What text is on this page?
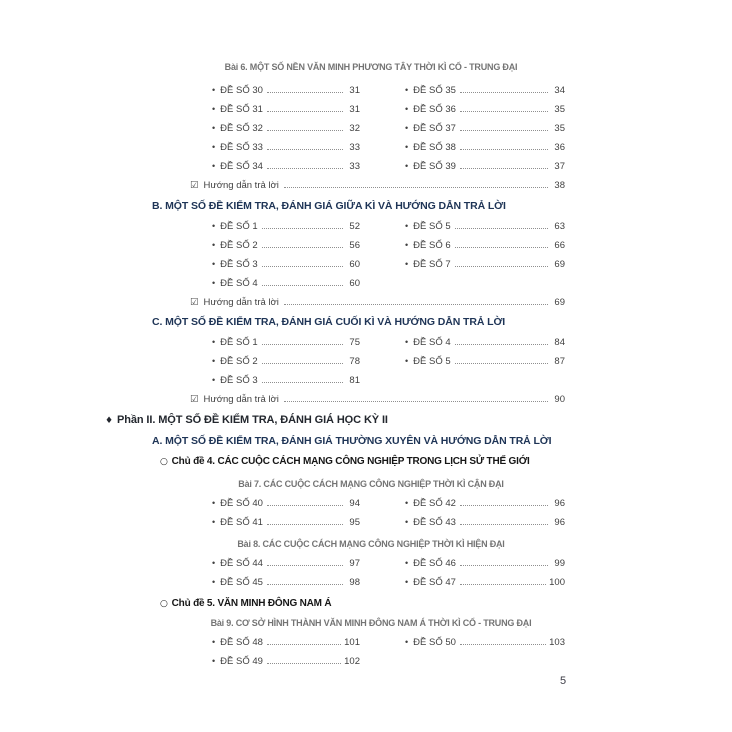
Bài 6. MỘT SỐ NỀN VĂN MINH PHƯƠNG TÂY THỜI KÌ CỔ - TRUNG ĐẠI
• ĐỀ SỐ 30	31
• ĐỀ SỐ 31	31
• ĐỀ SỐ 32	32
• ĐỀ SỐ 33	33
• ĐỀ SỐ 34	33
• ĐỀ SỐ 35	34
• ĐỀ SỐ 36	35
• ĐỀ SỐ 37	35
• ĐỀ SỐ 38	36
• ĐỀ SỐ 39	37
☑ Hướng dẫn trả lời	38
B. MỘT SỐ ĐỀ KIỂM TRA, ĐÁNH GIÁ GIỮA KÌ VÀ HƯỚNG DẪN TRẢ LỜI
• ĐỀ SỐ 1	52
• ĐỀ SỐ 2	56
• ĐỀ SỐ 3	60
• ĐỀ SỐ 4	60
• ĐỀ SỐ 5	63
• ĐỀ SỐ 6	66
• ĐỀ SỐ 7	69
☑ Hướng dẫn trả lời	69
C. MỘT SỐ ĐỀ KIỂM TRA, ĐÁNH GIÁ CUỐI KÌ VÀ HƯỚNG DẪN TRẢ LỜI
• ĐỀ SỐ 1	75
• ĐỀ SỐ 2	78
• ĐỀ SỐ 3	81
• ĐỀ SỐ 4	84
• ĐỀ SỐ 5	87
☑ Hướng dẫn trả lời	90
♦ Phần II. MỘT SỐ ĐỀ KIỂM TRA, ĐÁNH GIÁ HỌC KỲ II
A. MỘT SỐ ĐỀ KIỂM TRA, ĐÁNH GIÁ THƯỜNG XUYÊN VÀ HƯỚNG DẪN TRẢ LỜI
○ Chủ đề 4. CÁC CUỘC CÁCH MẠNG CÔNG NGHIỆP TRONG LỊCH SỬ THẾ GIỚI
Bài 7. CÁC CUỘC CÁCH MẠNG CÔNG NGHIỆP THỜI KÌ CẬN ĐẠI
• ĐỀ SỐ 40	94
• ĐỀ SỐ 41	95
• ĐỀ SỐ 42	96
• ĐỀ SỐ 43	96
Bài 8. CÁC CUỘC CÁCH MẠNG CÔNG NGHIỆP THỜI KÌ HIỆN ĐẠI
• ĐỀ SỐ 44	97
• ĐỀ SỐ 45	98
• ĐỀ SỐ 46	99
• ĐỀ SỐ 47	100
○ Chủ đề 5. VĂN MINH ĐÔNG NAM Á
Bài 9. CƠ SỞ HÌNH THÀNH VĂN MINH ĐÔNG NAM Á THỜI KÌ CỔ - TRUNG ĐẠI
• ĐỀ SỐ 48	101
• ĐỀ SỐ 49	102
• ĐỀ SỐ 50	103
5
